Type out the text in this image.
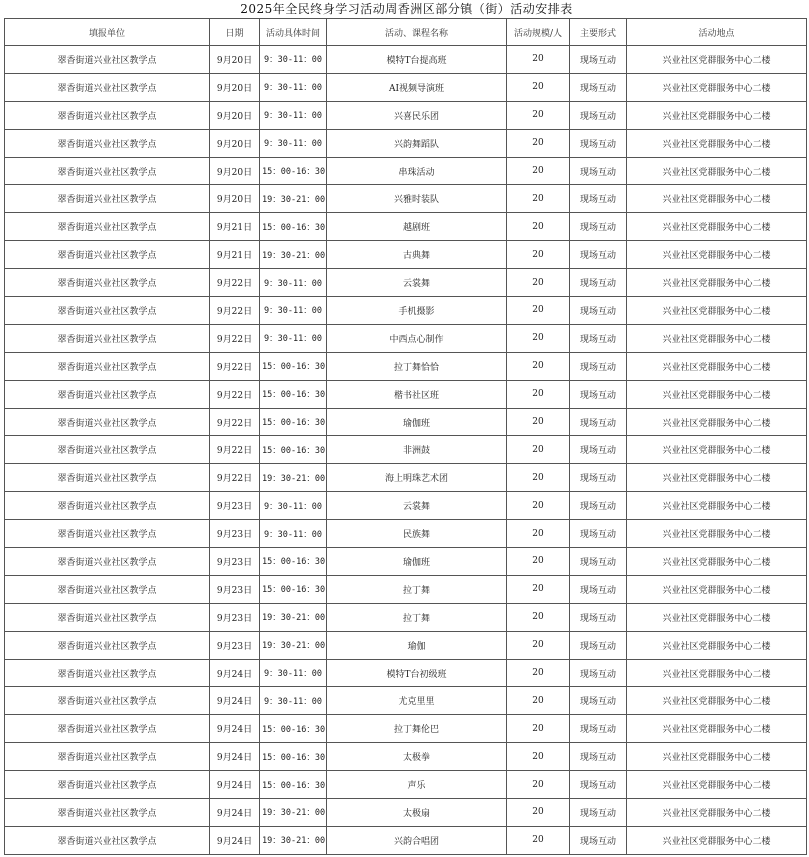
2025年全民终身学习活动周香洲区部分镇（街）活动安排表
填报单位	日期	活动具体时间	活动、课程名称	活动规模/人	主要形式	活动地点
翠香街道兴业社区教学点	9月20日	9：30-11：00	模特T台提高班	20	现场互动	兴业社区党群服务中心二楼
翠香街道兴业社区教学点	9月20日	9：30-11：00	AI视频导演班	20	现场互动	兴业社区党群服务中心二楼
翠香街道兴业社区教学点	9月20日	9：30-11：00	兴喜民乐团	20	现场互动	兴业社区党群服务中心二楼
翠香街道兴业社区教学点	9月20日	9：30-11：00	兴韵舞蹈队	20	现场互动	兴业社区党群服务中心二楼
翠香街道兴业社区教学点	9月20日	15：00-16：30	串珠活动	20	现场互动	兴业社区党群服务中心二楼
翠香街道兴业社区教学点	9月20日	19：30-21：00	兴雅时装队	20	现场互动	兴业社区党群服务中心二楼
翠香街道兴业社区教学点	9月21日	15：00-16：30	越剧班	20	现场互动	兴业社区党群服务中心二楼
翠香街道兴业社区教学点	9月21日	19：30-21：00	古典舞	20	现场互动	兴业社区党群服务中心二楼
翠香街道兴业社区教学点	9月22日	9：30-11：00	云裳舞	20	现场互动	兴业社区党群服务中心二楼
翠香街道兴业社区教学点	9月22日	9：30-11：00	手机摄影	20	现场互动	兴业社区党群服务中心二楼
翠香街道兴业社区教学点	9月22日	9：30-11：00	中西点心制作	20	现场互动	兴业社区党群服务中心二楼
翠香街道兴业社区教学点	9月22日	15：00-16：30	拉丁舞恰恰	20	现场互动	兴业社区党群服务中心二楼
翠香街道兴业社区教学点	9月22日	15：00-16：30	楷书社区班	20	现场互动	兴业社区党群服务中心二楼
翠香街道兴业社区教学点	9月22日	15：00-16：30	瑜伽班	20	现场互动	兴业社区党群服务中心二楼
翠香街道兴业社区教学点	9月22日	15：00-16：30	非洲鼓	20	现场互动	兴业社区党群服务中心二楼
翠香街道兴业社区教学点	9月22日	19：30-21：00	海上明珠艺术团	20	现场互动	兴业社区党群服务中心二楼
翠香街道兴业社区教学点	9月23日	9：30-11：00	云裳舞	20	现场互动	兴业社区党群服务中心二楼
翠香街道兴业社区教学点	9月23日	9：30-11：00	民族舞	20	现场互动	兴业社区党群服务中心二楼
翠香街道兴业社区教学点	9月23日	15：00-16：30	瑜伽班	20	现场互动	兴业社区党群服务中心二楼
翠香街道兴业社区教学点	9月23日	15：00-16：30	拉丁舞	20	现场互动	兴业社区党群服务中心二楼
翠香街道兴业社区教学点	9月23日	19：30-21：00	拉丁舞	20	现场互动	兴业社区党群服务中心二楼
翠香街道兴业社区教学点	9月23日	19：30-21：00	瑜伽	20	现场互动	兴业社区党群服务中心二楼
翠香街道兴业社区教学点	9月24日	9：30-11：00	模特T台初级班	20	现场互动	兴业社区党群服务中心二楼
翠香街道兴业社区教学点	9月24日	9：30-11：00	尤克里里	20	现场互动	兴业社区党群服务中心二楼
翠香街道兴业社区教学点	9月24日	15：00-16：30	拉丁舞伦巴	20	现场互动	兴业社区党群服务中心二楼
翠香街道兴业社区教学点	9月24日	15：00-16：30	太极拳	20	现场互动	兴业社区党群服务中心二楼
翠香街道兴业社区教学点	9月24日	15：00-16：30	声乐	20	现场互动	兴业社区党群服务中心二楼
翠香街道兴业社区教学点	9月24日	19：30-21：00	太极扇	20	现场互动	兴业社区党群服务中心二楼
翠香街道兴业社区教学点	9月24日	19：30-21：00	兴韵合唱团	20	现场互动	兴业社区党群服务中心二楼
